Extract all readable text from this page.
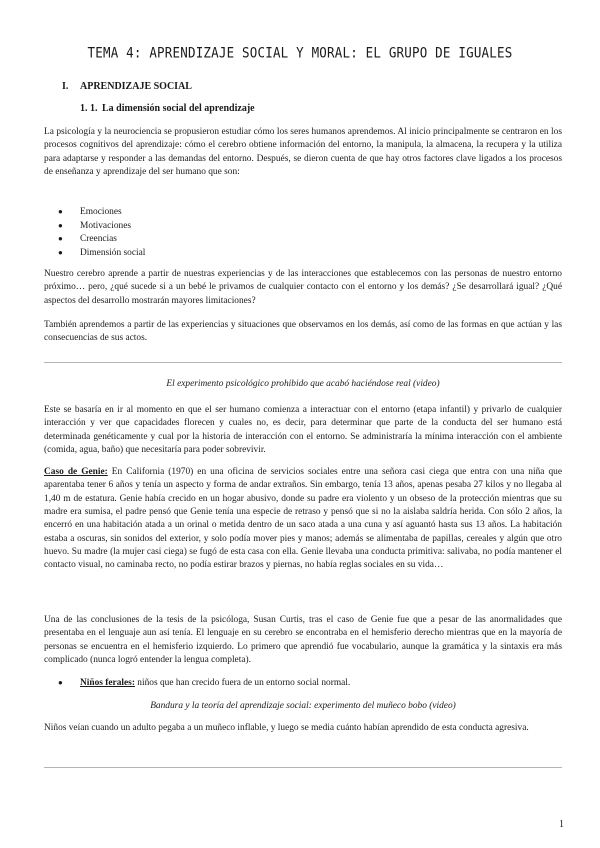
TEMA 4: APRENDIZAJE SOCIAL Y MORAL: EL GRUPO DE IGUALES
I. APRENDIZAJE SOCIAL
1. 1. La dimensión social del aprendizaje

La psicología y la neurociencia se propusieron estudiar cómo los seres humanos aprendemos. Al inicio principalmente se centraron en los procesos cognitivos del aprendizaje: cómo el cerebro obtiene información del entorno, la manipula, la almacena, la recupera y la utiliza para adaptarse y responder a las demandas del entorno. Después, se dieron cuenta de que hay otros factores clave ligados a los procesos de enseñanza y aprendizaje del ser humano que son:

● Emociones
● Motivaciones
● Creencias
● Dimensión social

Nuestro cerebro aprende a partir de nuestras experiencias y de las interacciones que establecemos con las personas de nuestro entorno próximo… pero, ¿qué sucede si a un bebé le privamos de cualquier contacto con el entorno y los demás? ¿Se desarrollará igual? ¿Qué aspectos del desarrollo mostrarán mayores limitaciones?

También aprendemos a partir de las experiencias y situaciones que observamos en los demás, así como de las formas en que actúan y las consecuencias de sus actos.

El experimento psicológico prohibido que acabó haciéndose real (video)

Este se basaría en ir al momento en que el ser humano comienza a interactuar con el entorno (etapa infantil) y privarlo de cualquier interacción y ver que capacidades florecen y cuales no, es decir, para determinar que parte de la conducta del ser humano está determinada genéticamente y cual por la historia de interacción con el entorno. Se administraría la mínima interacción con el ambiente (comida, agua, baño) que necesitaría para poder sobrevivir.

Caso de Genie: En California (1970) en una oficina de servicios sociales entre una señora casi ciega que entra con una niña que aparentaba tener 6 años y tenía un aspecto y forma de andar extraños. Sin embargo, tenía 13 años, apenas pesaba 27 kilos y no llegaba al 1,40 m de estatura. Genie había crecido en un hogar abusivo, donde su padre era violento y un obseso de la protección mientras que su madre era sumisa, el padre pensó que Genie tenía una especie de retraso y pensó que si no la aislaba saldría herida. Con sólo 2 años, la encerró en una habitación atada a un orinal o metida dentro de un saco atada a una cuna y así aguantó hasta sus 13 años. La habitación estaba a oscuras, sin sonidos del exterior, y solo podía mover pies y manos; además se alimentaba de papillas, cereales y algún que otro huevo. Su madre (la mujer casi ciega) se fugó de esta casa con ella. Genie llevaba una conducta primitiva: salivaba, no podía mantener el contacto visual, no caminaba recto, no podía estirar brazos y piernas, no había reglas sociales en su vida…

Una de las conclusiones de la tesis de la psicóloga, Susan Curtis, tras el caso de Genie fue que a pesar de las anormalidades que presentaba en el lenguaje aun así tenía. El lenguaje en su cerebro se encontraba en el hemisferio derecho mientras que en la mayoría de personas se encuentra en el hemisferio izquierdo. Lo primero que aprendió fue vocabulario, aunque la gramática y la sintaxis era más complicado (nunca logró entender la lengua completa).

● Niños ferales: niños que han crecido fuera de un entorno social normal.
Bandura y la teoría del aprendizaje social: experimento del muñeco bobo (video)

Niños veían cuando un adulto pegaba a un muñeco inflable, y luego se media cuánto habían aprendido de esta conducta agresiva.

1
